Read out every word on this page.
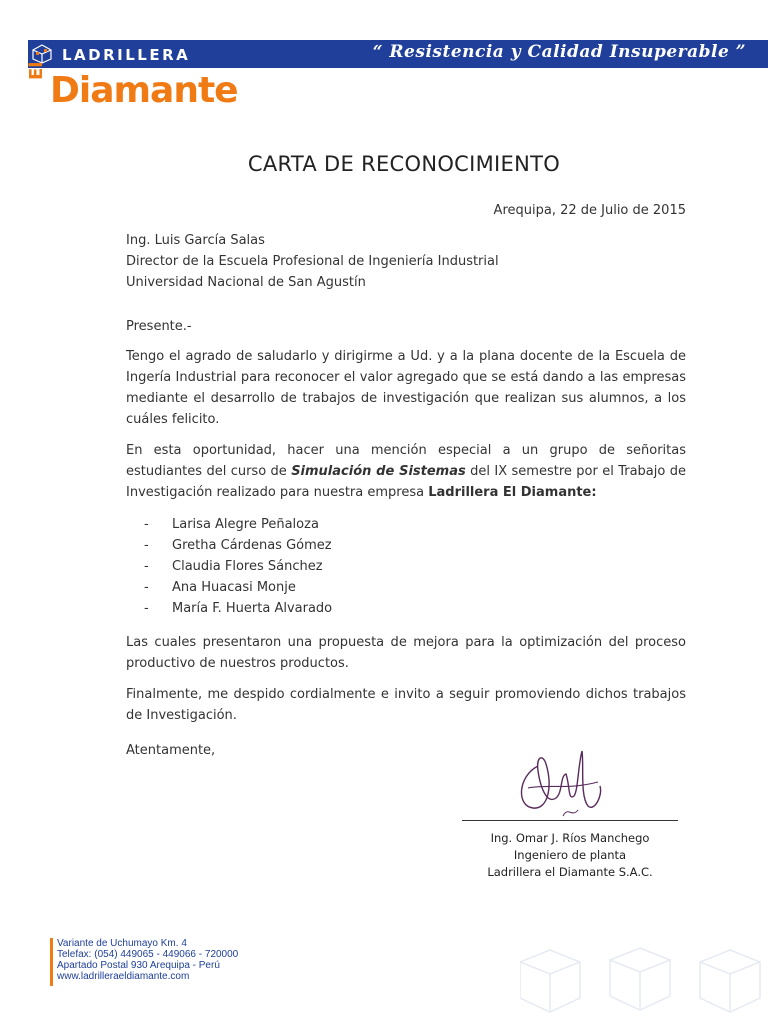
LADRILLERA
El Diamante
“ Resistencia y Calidad Insuperable ”
CARTA DE RECONOCIMIENTO
Arequipa, 22 de Julio de 2015
Ing. Luis García Salas
Director de la Escuela Profesional de Ingeniería Industrial
Universidad Nacional de San Agustín
Presente.-
Tengo el agrado de saludarlo y dirigirme a Ud. y a la plana docente de la Escuela de Ingería Industrial para reconocer el valor agregado que se está dando a las empresas mediante el desarrollo de trabajos de investigación que realizan sus alumnos, a los cuáles felicito.
En esta oportunidad, hacer una mención especial a un grupo de señoritas estudiantes del curso de Simulación de Sistemas del IX semestre por el Trabajo de Investigación realizado para nuestra empresa Ladrillera El Diamante:
- Larisa Alegre Peñaloza
- Gretha Cárdenas Gómez
- Claudia Flores Sánchez
- Ana Huacasi Monje
- María F. Huerta Alvarado
Las cuales presentaron una propuesta de mejora para la optimización del proceso productivo de nuestros productos.
Finalmente, me despido cordialmente e invito a seguir promoviendo dichos trabajos de Investigación.
Atentamente,
Ing. Omar J. Ríos Manchego
Ingeniero de planta
Ladrillera el Diamante S.A.C.
Variante de Uchumayo Km. 4
Telefax: (054) 449065 - 449066 - 720000
Apartado Postal 930 Arequipa - Perú
www.ladrilleraeldiamante.com
